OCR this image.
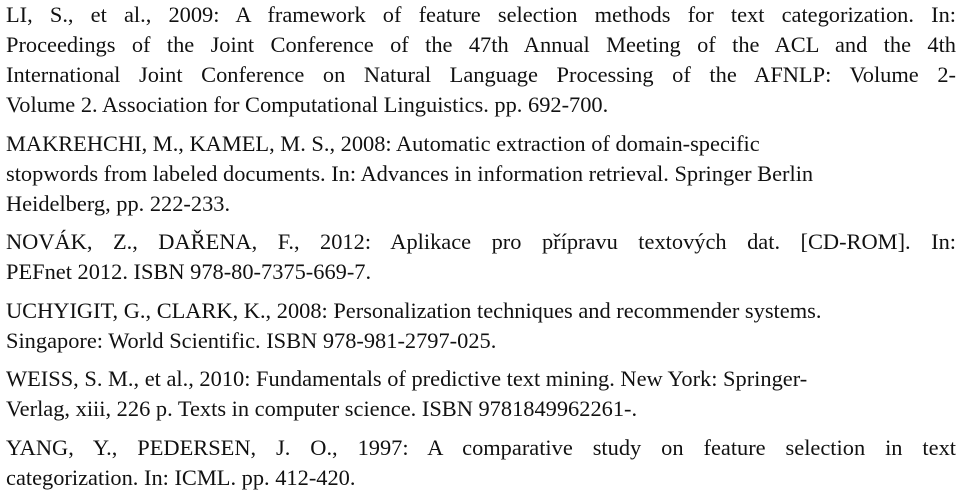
LI, S., et al., 2009: A framework of feature selection methods for text categorization. In:
Proceedings of the Joint Conference of the 47th Annual Meeting of the ACL and the 4th
International Joint Conference on Natural Language Processing of the AFNLP: Volume 2-
Volume 2. Association for Computational Linguistics. pp. 692-700.
MAKREHCHI, M., KAMEL, M. S., 2008: Automatic extraction of domain-specific
stopwords from labeled documents. In: Advances in information retrieval. Springer Berlin
Heidelberg, pp. 222-233.
NOVÁK, Z., DAŘENA, F., 2012: Aplikace pro přípravu textových dat. [CD-ROM]. In:
PEFnet 2012. ISBN 978-80-7375-669-7.
UCHYIGIT, G., CLARK, K., 2008: Personalization techniques and recommender systems.
Singapore: World Scientific. ISBN 978-981-2797-025.
WEISS, S. M., et al., 2010: Fundamentals of predictive text mining. New York: Springer-
Verlag, xiii, 226 p. Texts in computer science. ISBN 9781849962261-.
YANG, Y., PEDERSEN, J. O., 1997: A comparative study on feature selection in text
categorization. In: ICML. pp. 412-420.
